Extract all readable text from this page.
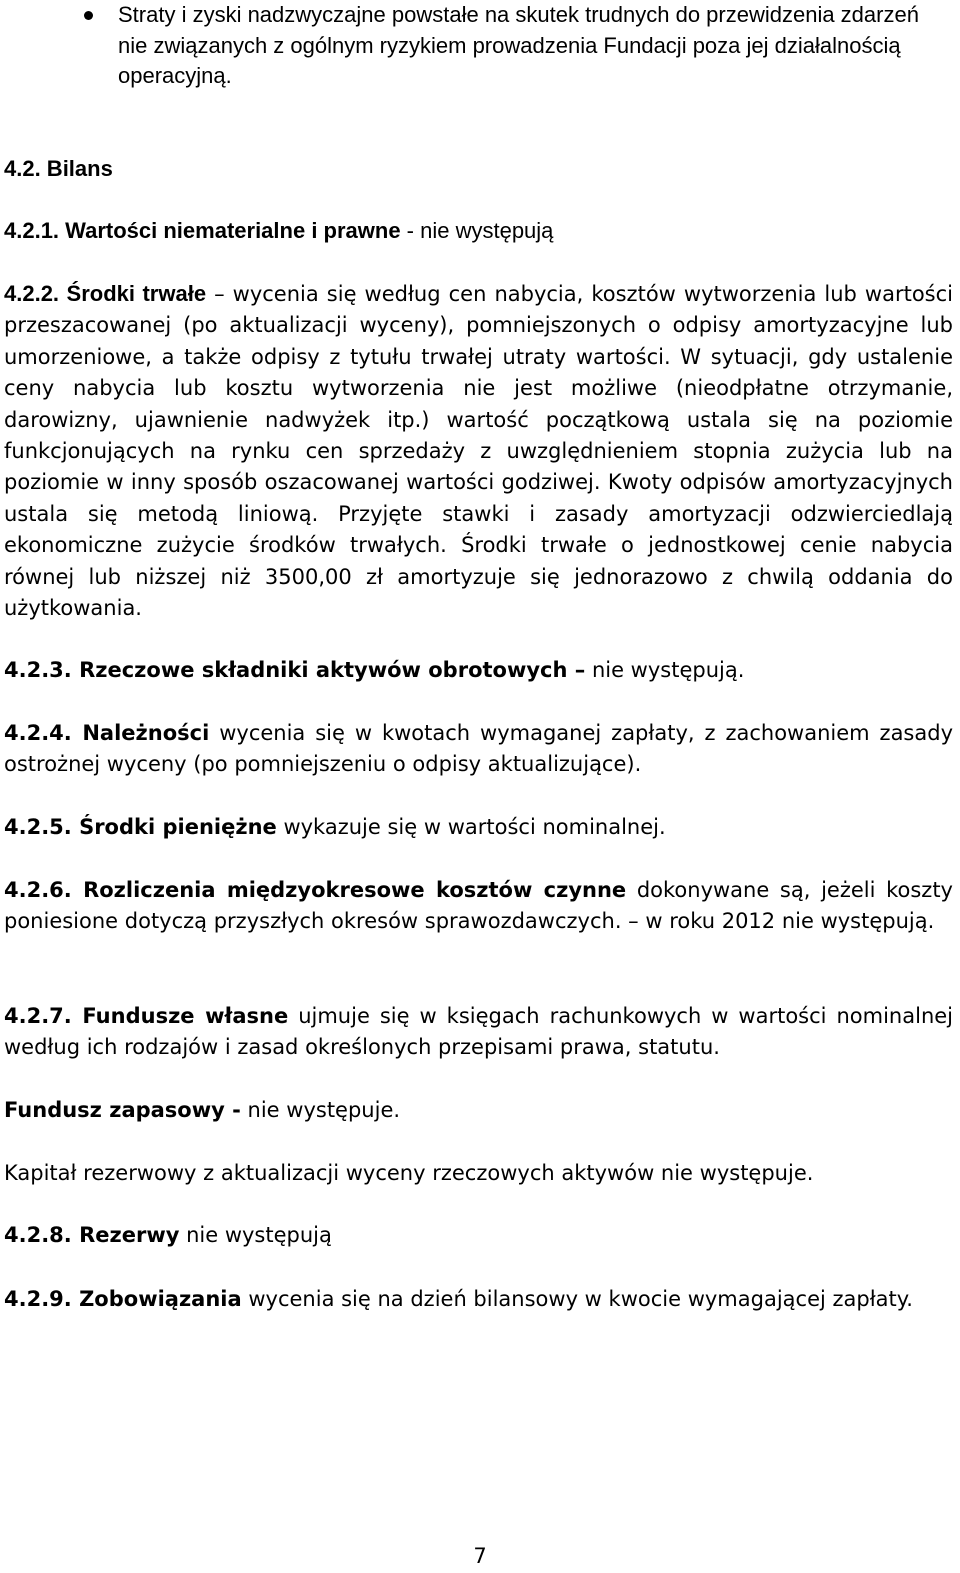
Straty i zyski nadzwyczajne powstałe na skutek trudnych do przewidzenia zdarzeń nie związanych z ogólnym ryzykiem prowadzenia Fundacji poza jej działalnością operacyjną.

4.2. Bilans

4.2.1. Wartości niematerialne i prawne - nie występują

4.2.2. Środki trwałe – wycenia się według cen nabycia, kosztów wytworzenia lub wartości przeszacowanej (po aktualizacji wyceny), pomniejszonych o odpisy amortyzacyjne lub umorzeniowe, a także odpisy z tytułu trwałej utraty wartości. W sytuacji, gdy ustalenie ceny nabycia lub kosztu wytworzenia nie jest możliwe (nieodpłatne otrzymanie, darowizny, ujawnienie nadwyżek itp.) wartość początkową ustala się na poziomie funkcjonujących na rynku cen sprzedaży z uwzględnieniem stopnia zużycia lub na poziomie w inny sposób oszacowanej wartości godziwej. Kwoty odpisów amortyzacyjnych ustala się metodą liniową. Przyjęte stawki i zasady amortyzacji odzwierciedlają ekonomiczne zużycie środków trwałych. Środki trwałe o jednostkowej cenie nabycia równej lub niższej niż 3500,00 zł amortyzuje się jednorazowo z chwilą oddania do użytkowania.

4.2.3. Rzeczowe składniki aktywów obrotowych – nie występują.

4.2.4. Należności wycenia się w kwotach wymaganej zapłaty, z zachowaniem zasady ostrożnej wyceny (po pomniejszeniu o odpisy aktualizujące).

4.2.5. Środki pieniężne wykazuje się w wartości nominalnej.

4.2.6. Rozliczenia międzyokresowe kosztów czynne dokonywane są, jeżeli koszty poniesione dotyczą przyszłych okresów sprawozdawczych. – w roku 2012 nie występują.

4.2.7. Fundusze własne ujmuje się w księgach rachunkowych w wartości nominalnej według ich rodzajów i zasad określonych przepisami prawa, statutu.

Fundusz zapasowy - nie występuje.

Kapitał rezerwowy z aktualizacji wyceny rzeczowych aktywów nie występuje.

4.2.8. Rezerwy nie występują

4.2.9. Zobowiązania wycenia się na dzień bilansowy w kwocie wymagającej zapłaty.

7
